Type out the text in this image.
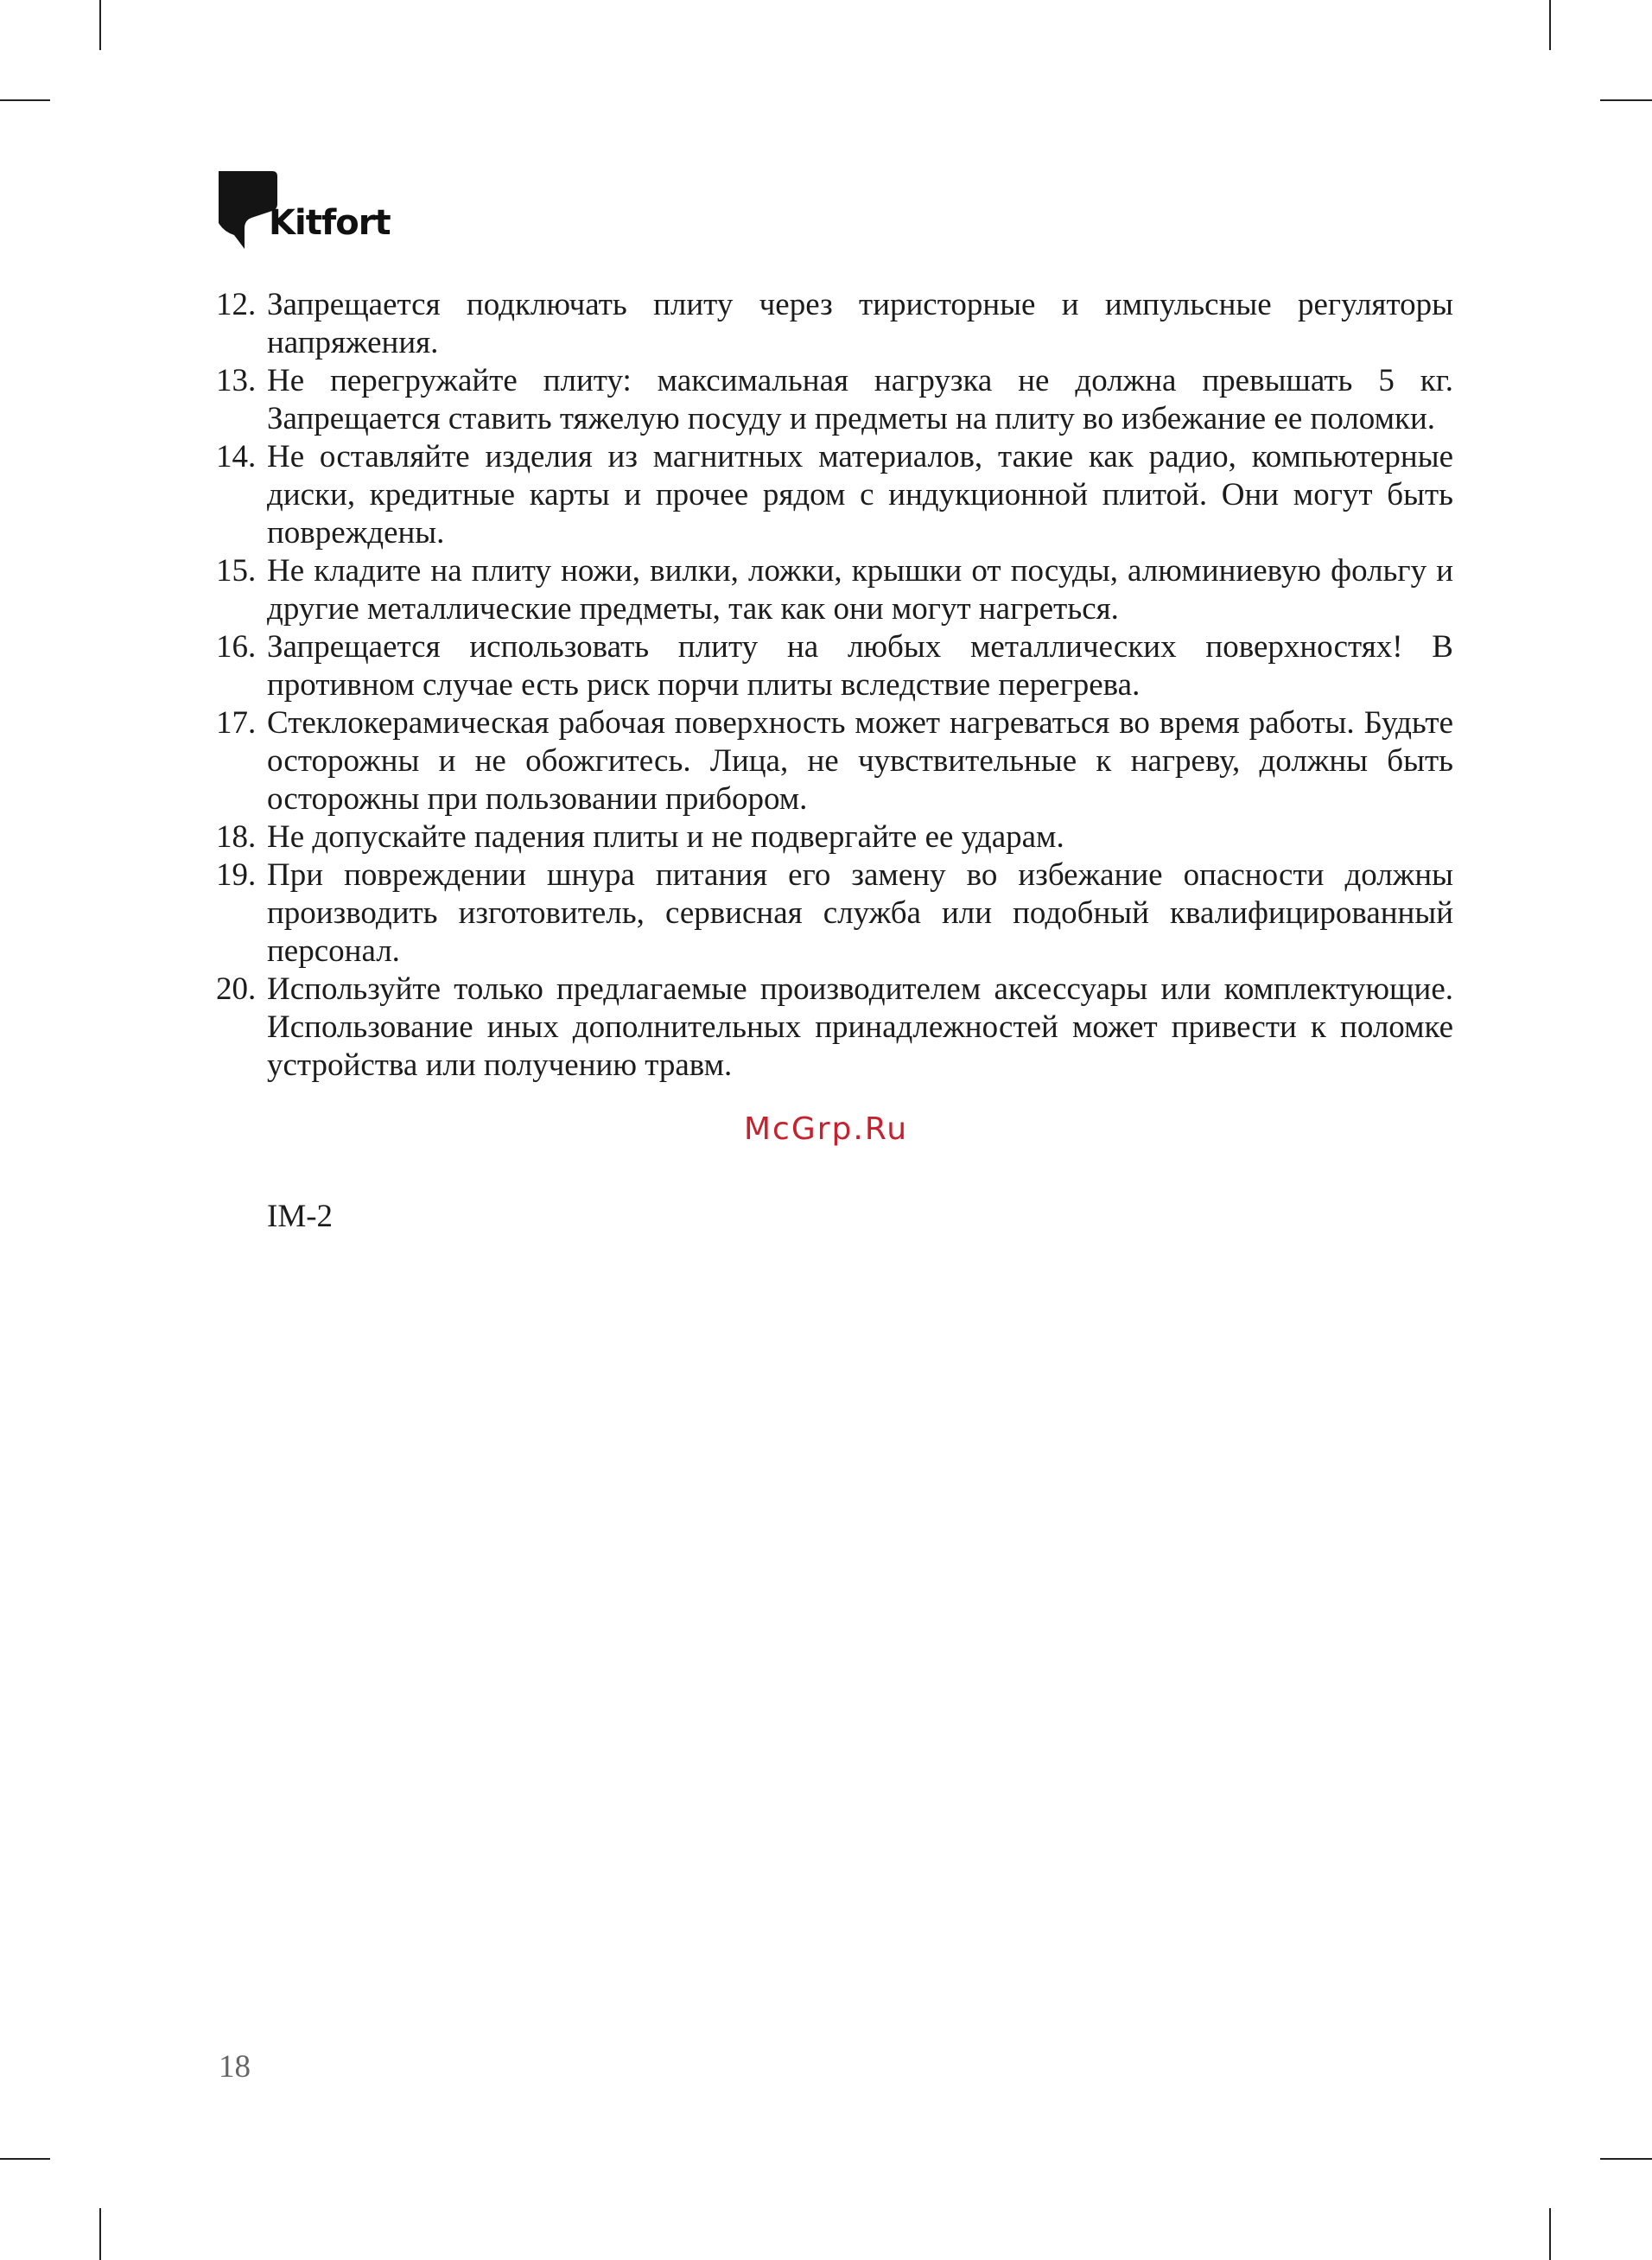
Kitfort
12. Запрещается подключать плиту через тиристорные и импульсные регуляторы напряжения.
13. Не перегружайте плиту: максимальная нагрузка не должна превышать 5 кг. Запрещается ставить тяжелую посуду и предметы на плиту во избежание ее поломки.
14. Не оставляйте изделия из магнитных материалов, такие как радио, компьютерные диски, кредитные карты и прочее рядом с индукционной плитой. Они могут быть повреждены.
15. Не кладите на плиту ножи, вилки, ложки, крышки от посуды, алюминиевую фольгу и другие металлические предметы, так как они могут нагреться.
16. Запрещается использовать плиту на любых металлических поверхностях! В противном случае есть риск порчи плиты вследствие перегрева.
17. Стеклокерамическая рабочая поверхность может нагреваться во время работы. Будьте осторожны и не обожгитесь. Лица, не чувствительные к нагреву, должны быть осторожны при пользовании прибором.
18. Не допускайте падения плиты и не подвергайте ее ударам.
19. При повреждении шнура питания его замену во избежание опасности должны производить изготовитель, сервисная служба или подобный квалифицированный персонал.
20. Используйте только предлагаемые производителем аксессуары или комплектующие. Использование иных дополнительных принадлежностей может привести к поломке устройства или получению травм.
McGrp.Ru
IM-2
18
